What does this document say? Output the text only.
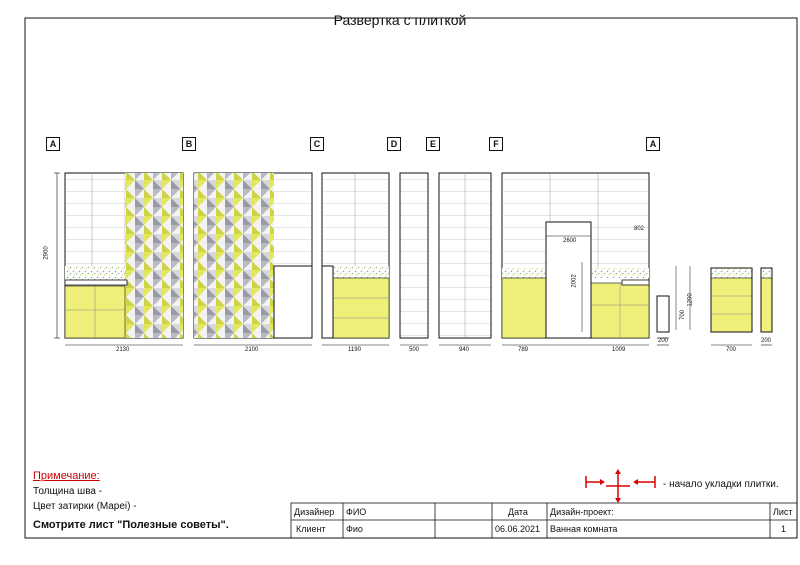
Развертка с плиткой
A	B	C	D	E	F	A
2900
2130	2100	1190	500	940	789	1009
200
700
200
2600
2002
802
1200
700
Примечание:
Толщина шва -
Цвет затирки (Mapei) -
Смотрите лист "Полезные советы".
- начало укладки плитки.
Дизайнер ФИО
Клиент Фио
Дата
06.06.2021
Дизайн-проект:
Ванная комната
Лист
1
